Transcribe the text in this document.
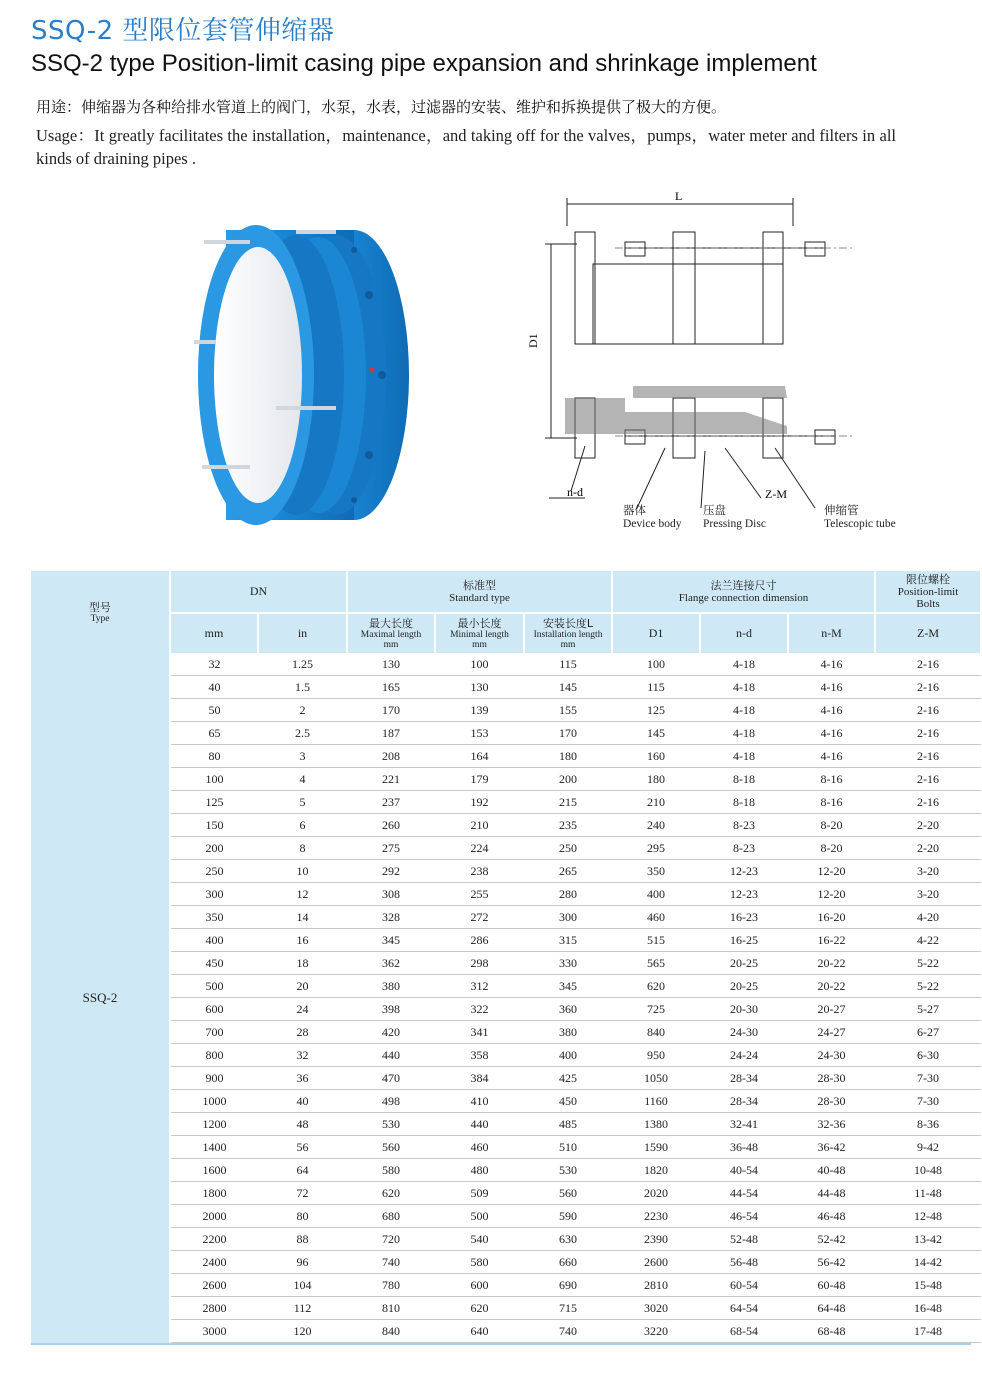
SSQ-2 型限位套管伸缩器
SSQ-2 type Position-limit casing pipe expansion and shrinkage implement
用途：伸缩器为各种给排水管道上的阀门，水泵，水表，过滤器的安装、维护和拆换提供了极大的方便。
Usage：It greatly facilitates the installation，maintenance，and taking off for the valves，pumps，water meter and filters in all kinds of draining pipes .
L
D1
n-d	Z-M
器体
Device body
压盘
Pressing Disc
伸缩管
Telescopic tube
型号
Type	DN		标准型
Standard type			法兰连接尺寸
Flange connection dimension			限位螺栓
Position-limit
Bolts

	mm	in	最大长度
Maximal length
mm	最小长度
Minimal length
mm	安装长度L
Installation length
mm	D1	n-d	n-M	Z-M
SSQ-2	32	1.25	130	100	115	100	4-18	4-16	2-16
	40	1.5	165	130	145	115	4-18	4-16	2-16
	50	2	170	139	155	125	4-18	4-16	2-16
	65	2.5	187	153	170	145	4-18	4-16	2-16
	80	3	208	164	180	160	4-18	4-16	2-16
	100	4	221	179	200	180	8-18	8-16	2-16
	125	5	237	192	215	210	8-18	8-16	2-16
	150	6	260	210	235	240	8-23	8-20	2-20
	200	8	275	224	250	295	8-23	8-20	2-20
	250	10	292	238	265	350	12-23	12-20	3-20
	300	12	308	255	280	400	12-23	12-20	3-20
	350	14	328	272	300	460	16-23	16-20	4-20
	400	16	345	286	315	515	16-25	16-22	4-22
	450	18	362	298	330	565	20-25	20-22	5-22
	500	20	380	312	345	620	20-25	20-22	5-22
	600	24	398	322	360	725	20-30	20-27	5-27
	700	28	420	341	380	840	24-30	24-27	6-27
	800	32	440	358	400	950	24-24	24-30	6-30
	900	36	470	384	425	1050	28-34	28-30	7-30
	1000	40	498	410	450	1160	28-34	28-30	7-30
	1200	48	530	440	485	1380	32-41	32-36	8-36
	1400	56	560	460	510	1590	36-48	36-42	9-42
	1600	64	580	480	530	1820	40-54	40-48	10-48
	1800	72	620	509	560	2020	44-54	44-48	11-48
	2000	80	680	500	590	2230	46-54	46-48	12-48
	2200	88	720	540	630	2390	52-48	52-42	13-42
	2400	96	740	580	660	2600	56-48	56-42	14-42
	2600	104	780	600	690	2810	60-54	60-48	15-48
	2800	112	810	620	715	3020	64-54	64-48	16-48
	3000	120	840	640	740	3220	68-54	68-48	17-48
